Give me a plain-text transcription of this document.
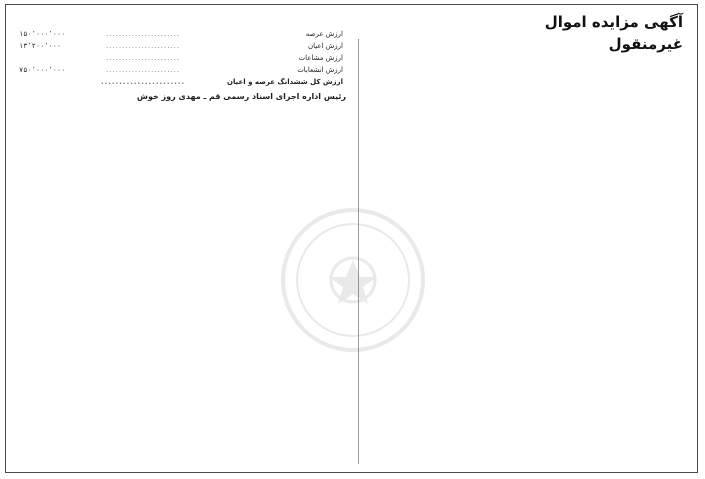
آگهی مزایده اموال غیرمنقول

ارزش عرصه	.......................	۱۵۰٬۰۰۰٬۰۰۰
ارزش اعیان	.......................	۱۳٬۲۰۰٬۰۰۰
ارزش مشاعات	.......................	
ارزش انشعابات	.......................	۷۵۰٬۰۰۰٬۰۰۰
ارزش کل ششدانگ عرصه و اعیان	.......................	

رئیس اداره اجرای اسناد رسمی قم ـ مهدی روز خوش
